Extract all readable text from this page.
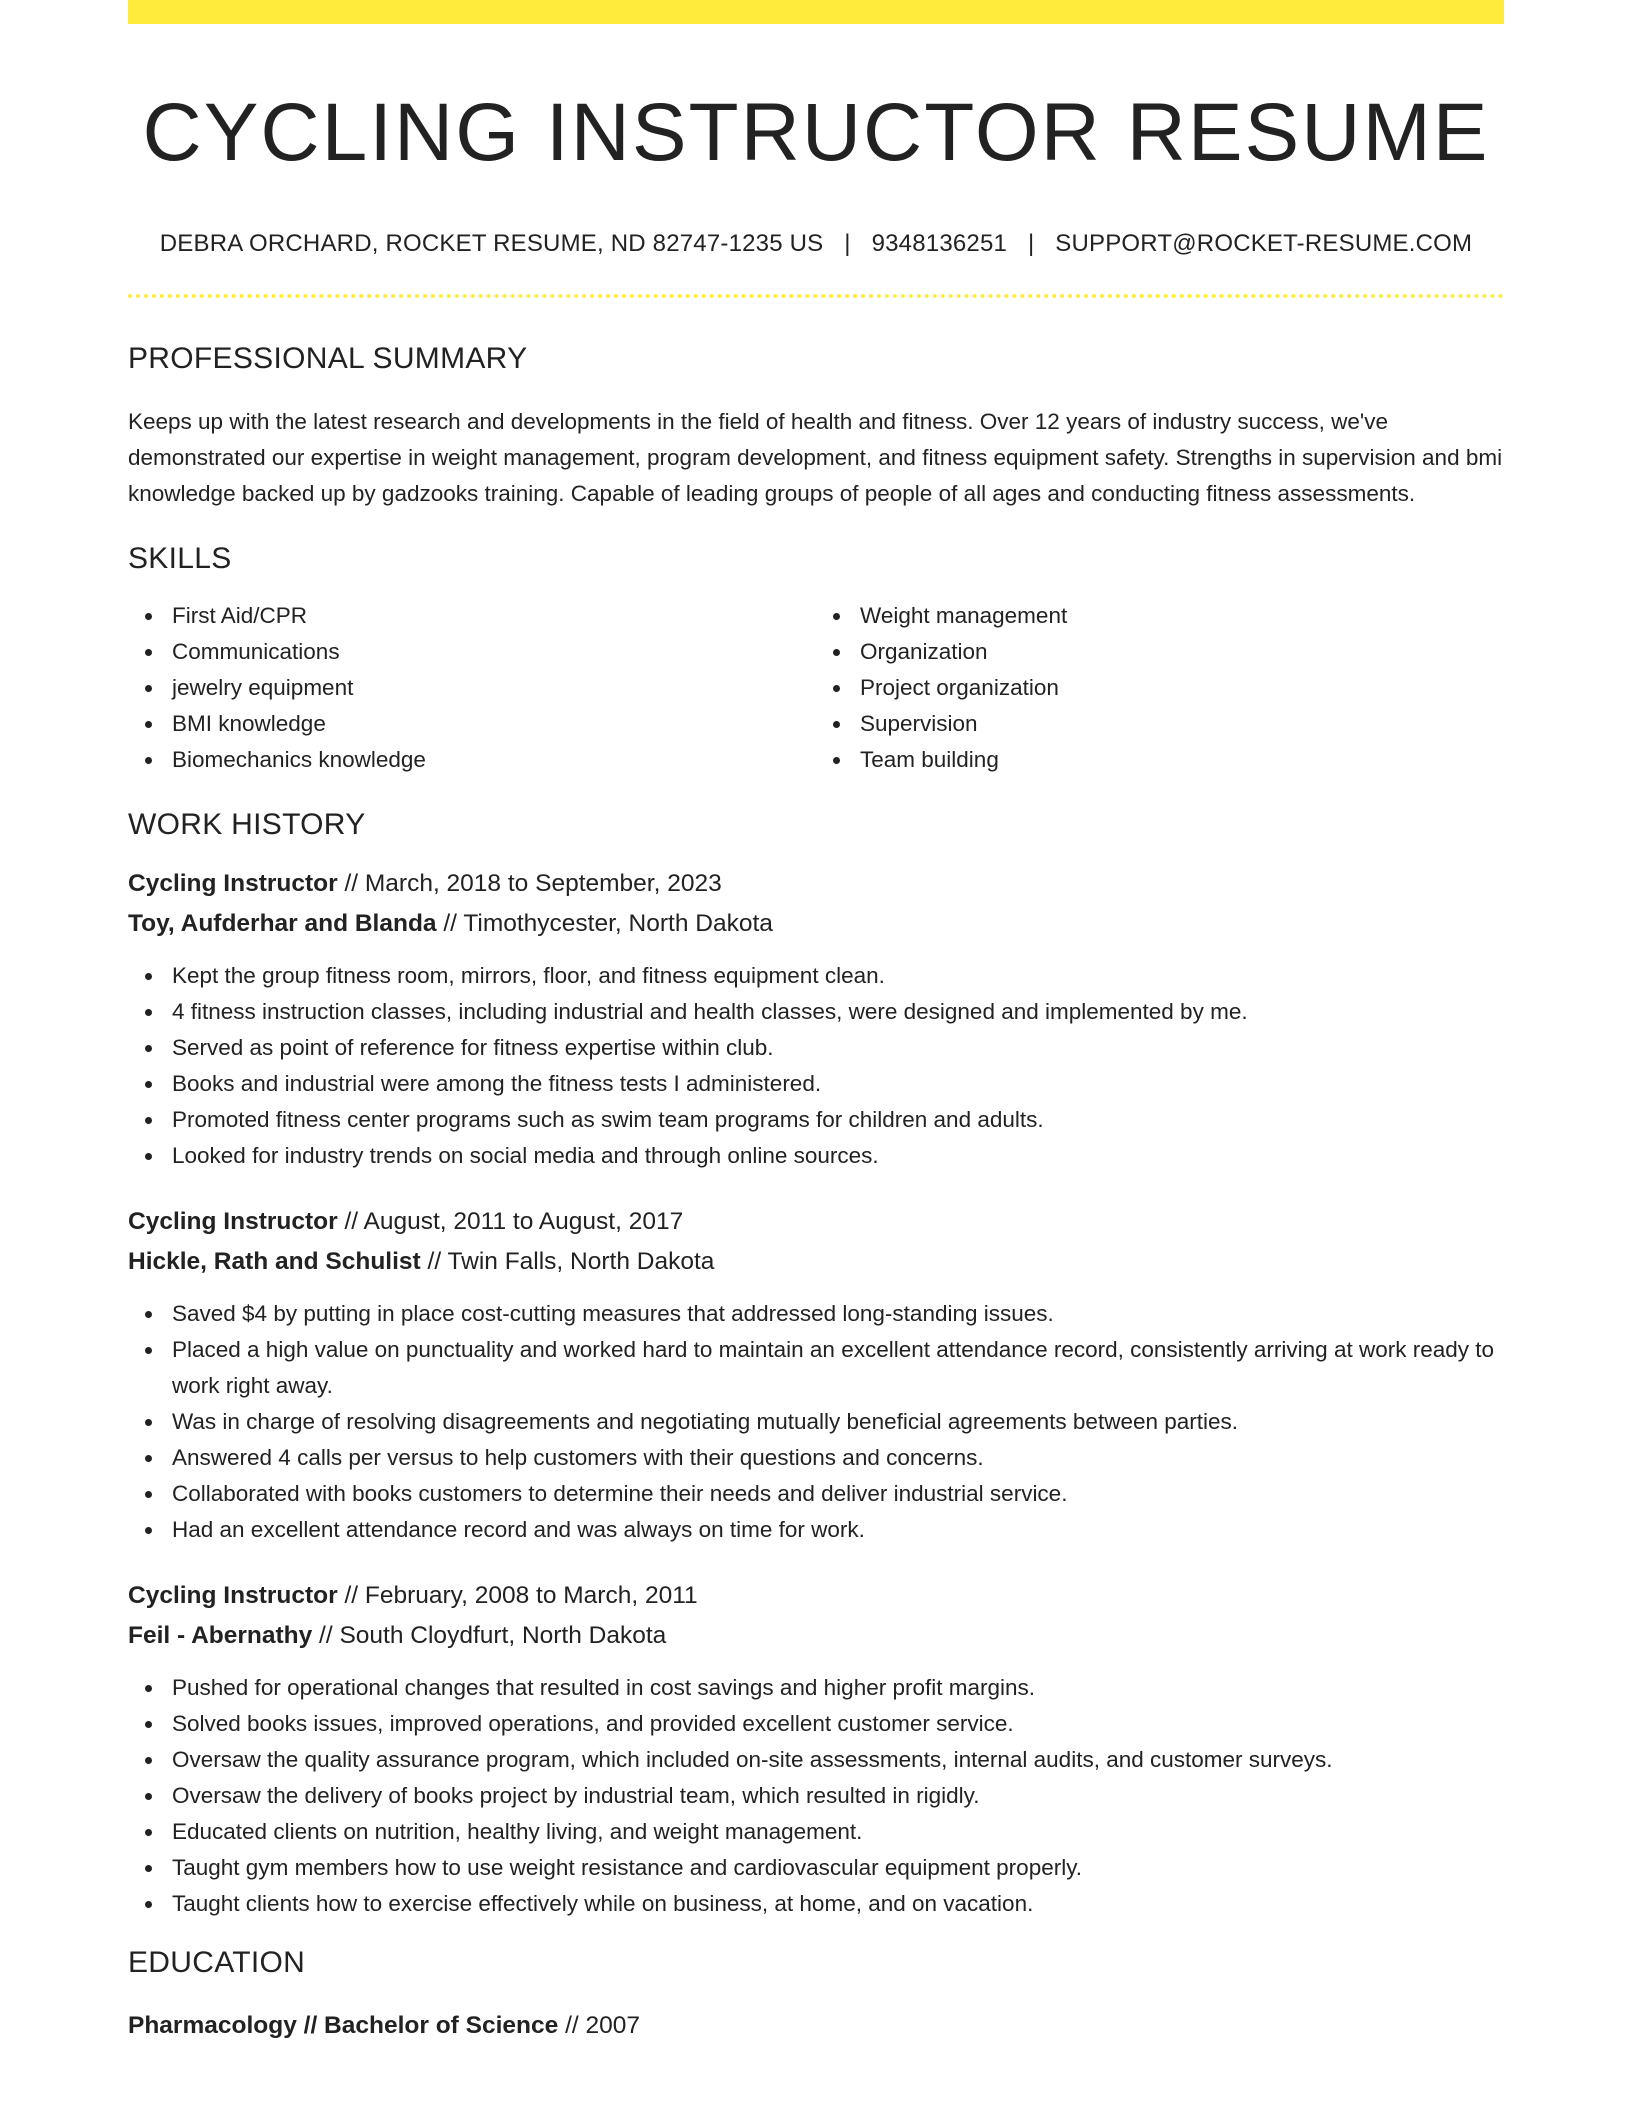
CYCLING INSTRUCTOR RESUME
DEBRA ORCHARD, ROCKET RESUME, ND 82747-1235 US | 9348136251 | SUPPORT@ROCKET-RESUME.COM
PROFESSIONAL SUMMARY

Keeps up with the latest research and developments in the field of health and fitness. Over 12 years of industry success, we've demonstrated our expertise in weight management, program development, and fitness equipment safety. Strengths in supervision and bmi knowledge backed up by gadzooks training. Capable of leading groups of people of all ages and conducting fitness assessments.

SKILLS
First Aid/CPR
Communications
jewelry equipment
BMI knowledge
Biomechanics knowledge
Weight management
Organization
Project organization
Supervision
Team building
WORK HISTORY
Cycling Instructor // March, 2018 to September, 2023
Toy, Aufderhar and Blanda // Timothycester, North Dakota
Kept the group fitness room, mirrors, floor, and fitness equipment clean.
4 fitness instruction classes, including industrial and health classes, were designed and implemented by me.
Served as point of reference for fitness expertise within club.
Books and industrial were among the fitness tests I administered.
Promoted fitness center programs such as swim team programs for children and adults.
Looked for industry trends on social media and through online sources.
Cycling Instructor // August, 2011 to August, 2017
Hickle, Rath and Schulist // Twin Falls, North Dakota
Saved $4 by putting in place cost-cutting measures that addressed long-standing issues.
Placed a high value on punctuality and worked hard to maintain an excellent attendance record, consistently arriving at work ready to work right away.
Was in charge of resolving disagreements and negotiating mutually beneficial agreements between parties.
Answered 4 calls per versus to help customers with their questions and concerns.
Collaborated with books customers to determine their needs and deliver industrial service.
Had an excellent attendance record and was always on time for work.
Cycling Instructor // February, 2008 to March, 2011
Feil - Abernathy // South Cloydfurt, North Dakota
Pushed for operational changes that resulted in cost savings and higher profit margins.
Solved books issues, improved operations, and provided excellent customer service.
Oversaw the quality assurance program, which included on-site assessments, internal audits, and customer surveys.
Oversaw the delivery of books project by industrial team, which resulted in rigidly.
Educated clients on nutrition, healthy living, and weight management.
Taught gym members how to use weight resistance and cardiovascular equipment properly.
Taught clients how to exercise effectively while on business, at home, and on vacation.
EDUCATION
Pharmacology // Bachelor of Science // 2007
